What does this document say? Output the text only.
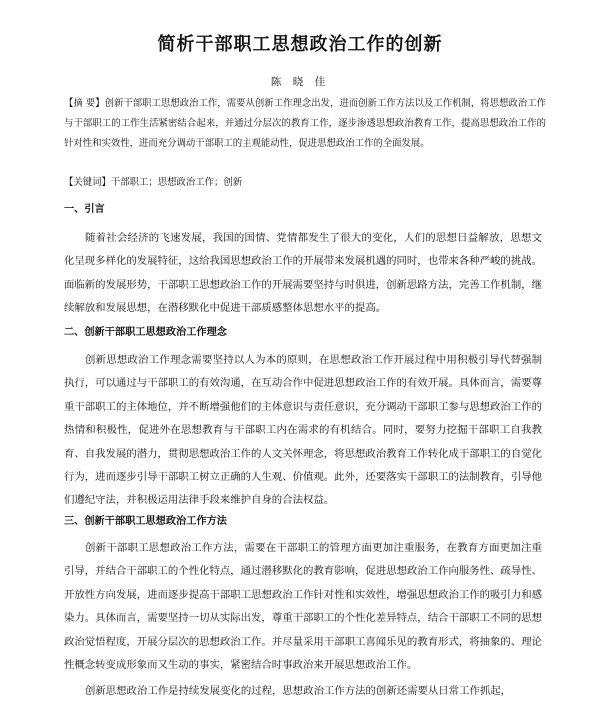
简析干部职工思想政治工作的创新
陈 晓 佳
【摘 要】创新干部职工思想政治工作，需要从创新工作理念出发，进而创新工作方法以及工作机制，将思想政治工作与干部职工的工作生活紧密结合起来，并通过分层次的教育工作，逐步渗透思想政治教育工作，提高思想政治工作的针对性和实效性，进而充分调动干部职工的主观能动性，促进思想政治工作的全面发展。
【关键词】干部职工；思想政治工作；创新
一、引言

随着社会经济的飞速发展，我国的国情、党情都发生了很大的变化，人们的思想日益解放，思想文化呈现多样化的发展特征，这给我国思想政治工作的开展带来发展机遇的同时，也带来各种严峻的挑战。面临新的发展形势，干部职工思想政治工作的开展需要坚持与时俱进，创新思路方法，完善工作机制，继续解放和发展思想，在潜移默化中促进干部质感整体思想水平的提高。

二、创新干部职工思想政治工作理念

创新思想政治工作理念需要坚持以人为本的原则，在思想政治工作开展过程中用积极引导代替强制执行，可以通过与干部职工的有效沟通，在互动合作中促进思想政治工作的有效开展。具体而言，需要尊重干部职工的主体地位，并不断增强他们的主体意识与责任意识，充分调动干部职工参与思想政治工作的热情和积极性，促进外在思想教育与干部职工内在需求的有机结合。同时，要努力挖掘干部职工自我教育、自我发展的潜力，贯彻思想政治工作的人文关怀理念，将思想政治教育工作转化成干部职工的自觉化行为，进而逐步引导干部职工树立正确的人生观、价值观。此外，还要落实干部职工的法制教育，引导他们遵纪守法，并积极运用法律手段来维护自身的合法权益。

三、创新干部职工思想政治工作方法

创新干部职工思想政治工作方法，需要在干部职工的管理方面更加注重服务，在教育方面更加注重引导，并结合干部职工的个性化特点，通过潜移默化的教育影响，促进思想政治工作向服务性、疏导性、开放性方向发展，进而逐步提高干部职工思想政治工作针对性和实效性，增强思想政治工作的吸引力和感染力。具体而言，需要坚持一切从实际出发，尊重干部职工的个性化差异特点，结合干部职工不同的思想政治觉悟程度，开展分层次的思想政治工作。并尽量采用干部职工喜闻乐见的教育形式，将抽象的、理论性概念转变成形象而又生动的事实，紧密结合时事政治来开展思想政治工作。

创新思想政治工作是持续发展变化的过程，思想政治工作方法的创新还需要从日常工作抓起，
